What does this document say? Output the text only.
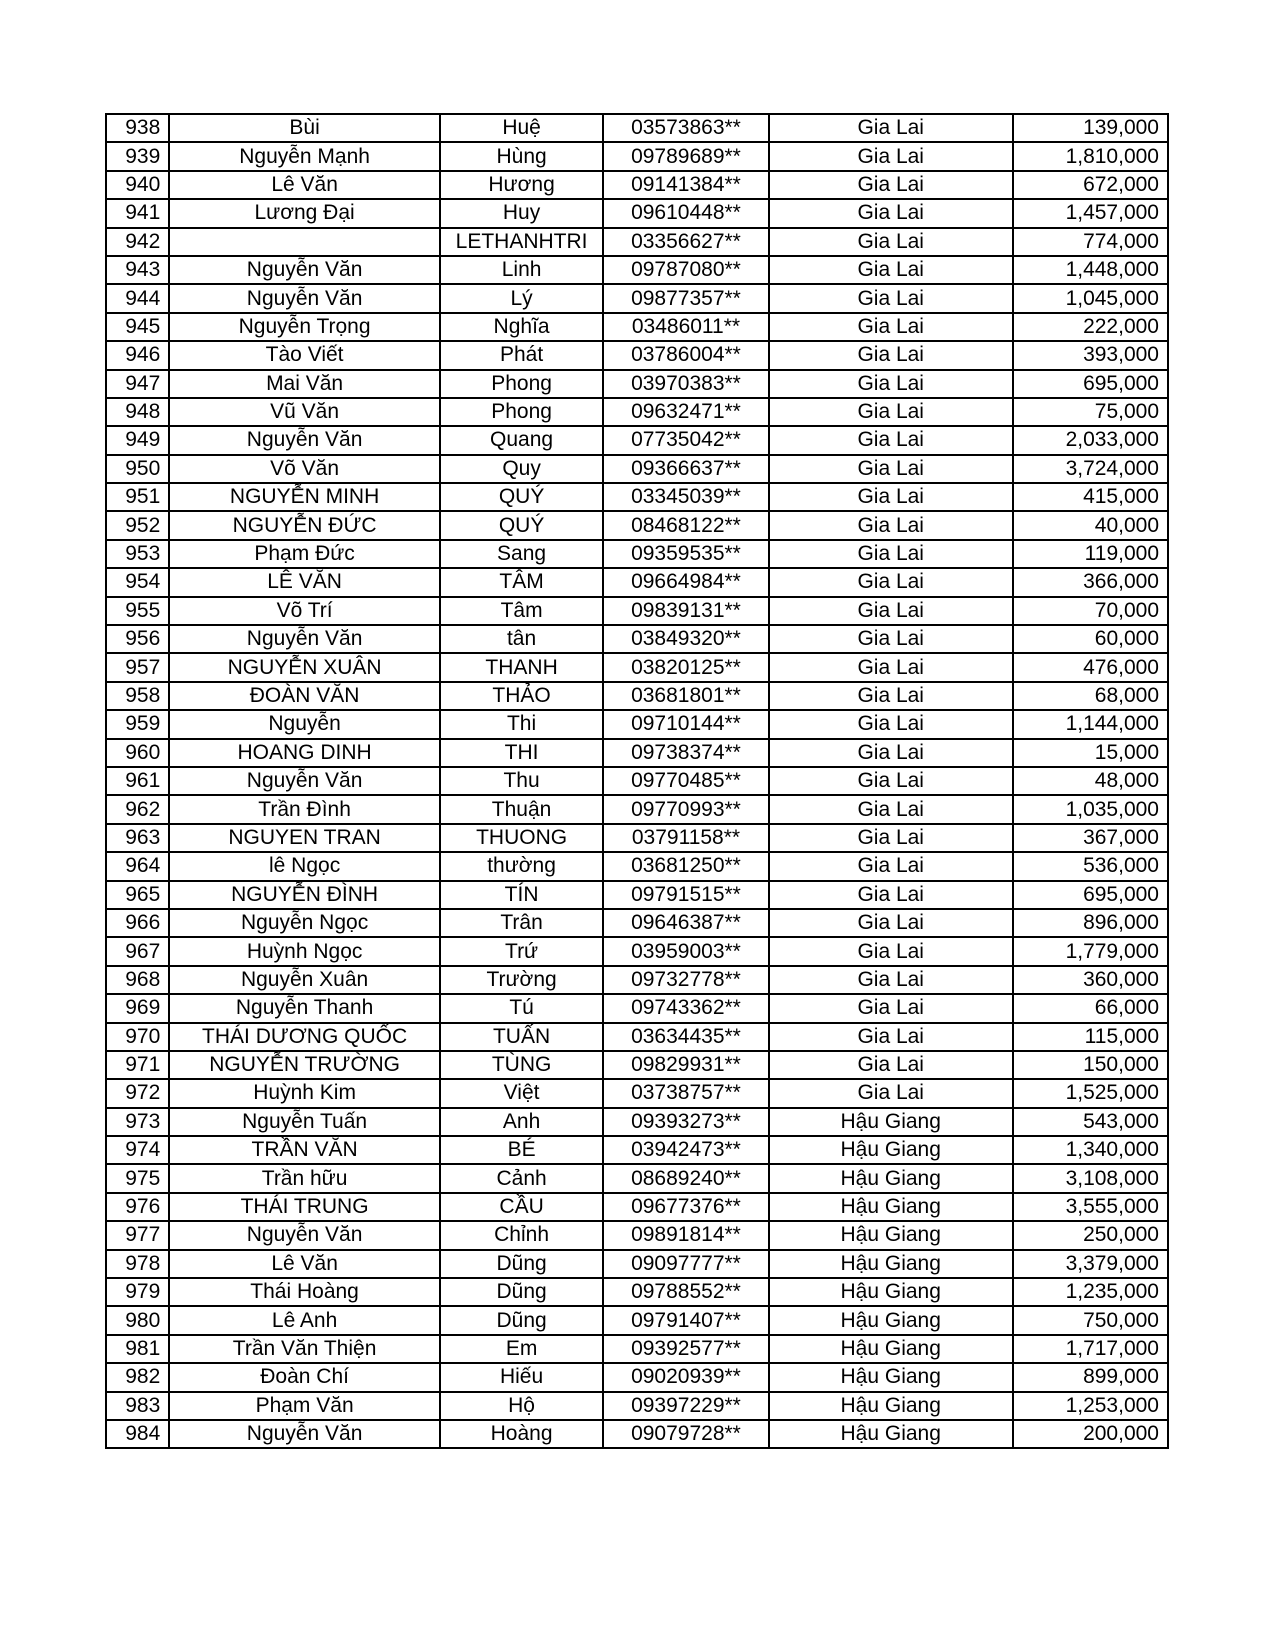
938	Bùi	Huệ	03573863**	Gia Lai	139,000
939	Nguyễn Mạnh	Hùng	09789689**	Gia Lai	1,810,000
940	Lê Văn	Hương	09141384**	Gia Lai	672,000
941	Lương Đại	Huy	09610448**	Gia Lai	1,457,000
942		LETHANHTRI	03356627**	Gia Lai	774,000
943	Nguyễn Văn	Linh	09787080**	Gia Lai	1,448,000
944	Nguyễn Văn	Lý	09877357**	Gia Lai	1,045,000
945	Nguyễn Trọng	Nghĩa	03486011**	Gia Lai	222,000
946	Tào Viết	Phát	03786004**	Gia Lai	393,000
947	Mai Văn	Phong	03970383**	Gia Lai	695,000
948	Vũ Văn	Phong	09632471**	Gia Lai	75,000
949	Nguyễn Văn	Quang	07735042**	Gia Lai	2,033,000
950	Võ Văn	Quy	09366637**	Gia Lai	3,724,000
951	NGUYỄN MINH	QUÝ	03345039**	Gia Lai	415,000
952	NGUYỄN ĐỨC	QUÝ	08468122**	Gia Lai	40,000
953	Phạm Đức	Sang	09359535**	Gia Lai	119,000
954	LÊ VĂN	TÂM	09664984**	Gia Lai	366,000
955	Võ Trí	Tâm	09839131**	Gia Lai	70,000
956	Nguyễn Văn	tân	03849320**	Gia Lai	60,000
957	NGUYỄN XUÂN	THANH	03820125**	Gia Lai	476,000
958	ĐOÀN VĂN	THẢO	03681801**	Gia Lai	68,000
959	Nguyễn	Thi	09710144**	Gia Lai	1,144,000
960	HOANG DINH	THI	09738374**	Gia Lai	15,000
961	Nguyễn Văn	Thu	09770485**	Gia Lai	48,000
962	Trần Đình	Thuận	09770993**	Gia Lai	1,035,000
963	NGUYEN TRAN	THUONG	03791158**	Gia Lai	367,000
964	lê Ngọc	thường	03681250**	Gia Lai	536,000
965	NGUYỄN ĐÌNH	TÍN	09791515**	Gia Lai	695,000
966	Nguyễn Ngọc	Trân	09646387**	Gia Lai	896,000
967	Huỳnh Ngọc	Trứ	03959003**	Gia Lai	1,779,000
968	Nguyễn Xuân	Trường	09732778**	Gia Lai	360,000
969	Nguyễn Thanh	Tú	09743362**	Gia Lai	66,000
970	THÁI DƯƠNG QUỐC	TUẤN	03634435**	Gia Lai	115,000
971	NGUYỄN TRƯỜNG	TÙNG	09829931**	Gia Lai	150,000
972	Huỳnh Kim	Việt	03738757**	Gia Lai	1,525,000
973	Nguyễn Tuấn	Anh	09393273**	Hậu Giang	543,000
974	TRẦN VĂN	BÉ	03942473**	Hậu Giang	1,340,000
975	Trần hữu	Cảnh	08689240**	Hậu Giang	3,108,000
976	THÁI TRUNG	CẦU	09677376**	Hậu Giang	3,555,000
977	Nguyễn Văn	Chỉnh	09891814**	Hậu Giang	250,000
978	Lê Văn	Dũng	09097777**	Hậu Giang	3,379,000
979	Thái Hoàng	Dũng	09788552**	Hậu Giang	1,235,000
980	Lê Anh	Dũng	09791407**	Hậu Giang	750,000
981	Trần Văn Thiện	Em	09392577**	Hậu Giang	1,717,000
982	Đoàn Chí	Hiếu	09020939**	Hậu Giang	899,000
983	Phạm Văn	Hộ	09397229**	Hậu Giang	1,253,000
984	Nguyễn Văn	Hoàng	09079728**	Hậu Giang	200,000
